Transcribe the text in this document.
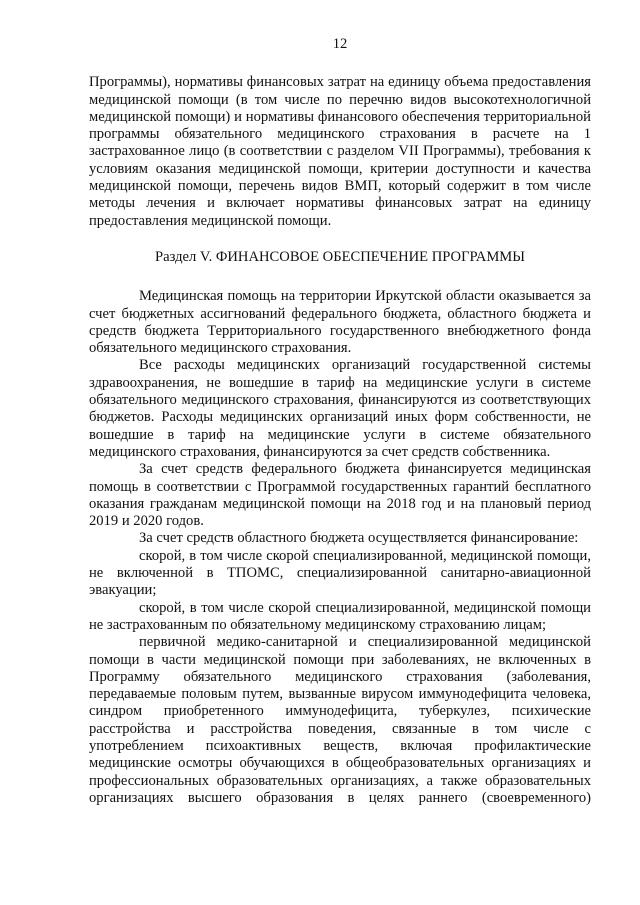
12

Программы), нормативы финансовых затрат на единицу объема предоставления медицинской помощи (в том числе по перечню видов высокотехнологичной медицинской помощи) и нормативы финансового обеспечения территориальной программы обязательного медицинского страхования в расчете на 1 застрахованное лицо (в соответствии с разделом VII Программы), требования к условиям оказания медицинской помощи, критерии доступности и качества медицинской помощи, перечень видов ВМП, который содержит в том числе методы лечения и включает нормативы финансовых затрат на единицу предоставления медицинской помощи.

Раздел V. ФИНАНСОВОЕ ОБЕСПЕЧЕНИЕ ПРОГРАММЫ

Медицинская помощь на территории Иркутской области оказывается за счет бюджетных ассигнований федерального бюджета, областного бюджета и средств бюджета Территориального государственного внебюджетного фонда обязательного медицинского страхования.

Все расходы медицинских организаций государственной системы здравоохранения, не вошедшие в тариф на медицинские услуги в системе обязательного медицинского страхования, финансируются из соответствующих бюджетов. Расходы медицинских организаций иных форм собственности, не вошедшие в тариф на медицинские услуги в системе обязательного медицинского страхования, финансируются за счет средств собственника.

За счет средств федерального бюджета финансируется медицинская помощь в соответствии с Программой государственных гарантий бесплатного оказания гражданам медицинской помощи на 2018 год и на плановый период 2019 и 2020 годов.

За счет средств областного бюджета осуществляется финансирование:

скорой, в том числе скорой специализированной, медицинской помощи, не включенной в ТПОМС, специализированной санитарно-авиационной эвакуации;

скорой, в том числе скорой специализированной, медицинской помощи не застрахованным по обязательному медицинскому страхованию лицам;

первичной медико-санитарной и специализированной медицинской помощи в части медицинской помощи при заболеваниях, не включенных в Программу обязательного медицинского страхования (заболевания, передаваемые половым путем, вызванные вирусом иммунодефицита человека, синдром приобретенного иммунодефицита, туберкулез, психические расстройства и расстройства поведения, связанные в том числе с употреблением психоактивных веществ, включая профилактические медицинские осмотры обучающихся в общеобразовательных организациях и профессиональных образовательных организациях, а также образовательных организациях высшего образования в целях раннего (своевременного)
